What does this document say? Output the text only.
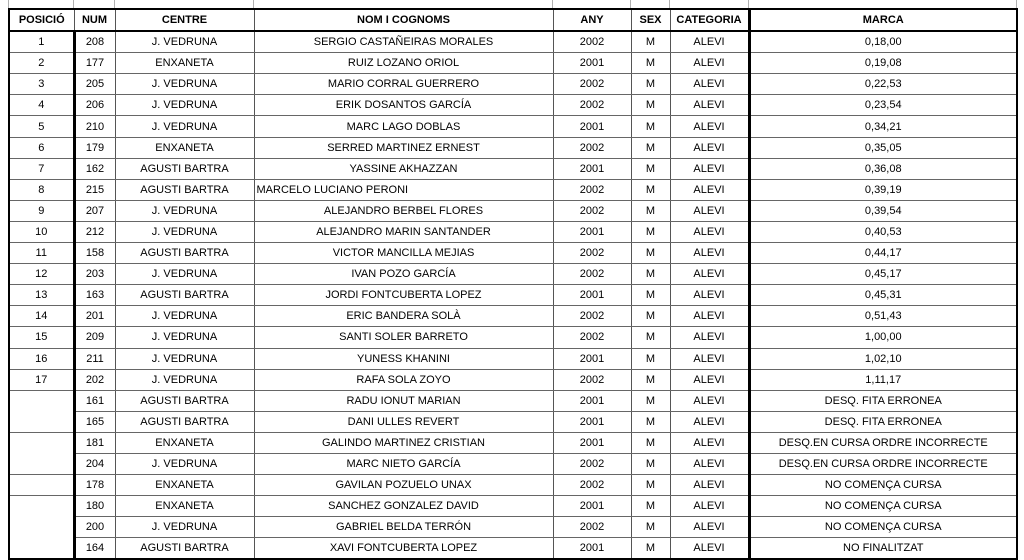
POSICIÓ	NUM	CENTRE	NOM I COGNOMS	ANY	SEX	CATEGORIA	MARCA
1	208	J. VEDRUNA	SERGIO CASTAÑEIRAS MORALES	2002	M	ALEVI	0,18,00
2	177	ENXANETA	RUIZ LOZANO ORIOL	2001	M	ALEVI	0,19,08
3	205	J. VEDRUNA	MARIO CORRAL GUERRERO	2002	M	ALEVI	0,22,53
4	206	J. VEDRUNA	ERIK DOSANTOS GARCÍA	2002	M	ALEVI	0,23,54
5	210	J. VEDRUNA	MARC LAGO DOBLAS	2001	M	ALEVI	0,34,21
6	179	ENXANETA	SERRED MARTINEZ ERNEST	2002	M	ALEVI	0,35,05
7	162	AGUSTI BARTRA	YASSINE AKHAZZAN	2001	M	ALEVI	0,36,08
8	215	AGUSTI BARTRA	MARCELO LUCIANO PERONI	2002	M	ALEVI	0,39,19
9	207	J. VEDRUNA	ALEJANDRO BERBEL FLORES	2002	M	ALEVI	0,39,54
10	212	J. VEDRUNA	ALEJANDRO MARIN SANTANDER	2001	M	ALEVI	0,40,53
11	158	AGUSTI BARTRA	VICTOR MANCILLA MEJIAS	2002	M	ALEVI	0,44,17
12	203	J. VEDRUNA	IVAN POZO GARCÍA	2002	M	ALEVI	0,45,17
13	163	AGUSTI BARTRA	JORDI FONTCUBERTA LOPEZ	2001	M	ALEVI	0,45,31
14	201	J. VEDRUNA	ERIC BANDERA SOLÀ	2002	M	ALEVI	0,51,43
15	209	J. VEDRUNA	SANTI SOLER BARRETO	2002	M	ALEVI	1,00,00
16	211	J. VEDRUNA	YUNESS KHANINI	2001	M	ALEVI	1,02,10
17	202	J. VEDRUNA	RAFA SOLA ZOYO	2002	M	ALEVI	1,11,17
	161	AGUSTI BARTRA	RADU IONUT MARIAN	2001	M	ALEVI	DESQ. FITA ERRONEA
	165	AGUSTI BARTRA	DANI ULLES REVERT	2001	M	ALEVI	DESQ. FITA ERRONEA
	181	ENXANETA	GALINDO MARTINEZ CRISTIAN	2001	M	ALEVI	DESQ.EN CURSA ORDRE INCORRECTE
	204	J. VEDRUNA	MARC NIETO GARCÍA	2002	M	ALEVI	DESQ.EN CURSA ORDRE INCORRECTE
	178	ENXANETA	GAVILAN POZUELO UNAX	2002	M	ALEVI	NO COMENÇA CURSA
	180	ENXANETA	SANCHEZ GONZALEZ DAVID	2001	M	ALEVI	NO COMENÇA CURSA
	200	J. VEDRUNA	GABRIEL BELDA TERRÓN	2002	M	ALEVI	NO COMENÇA CURSA
	164	AGUSTI BARTRA	XAVI FONTCUBERTA LOPEZ	2001	M	ALEVI	NO FINALITZAT
